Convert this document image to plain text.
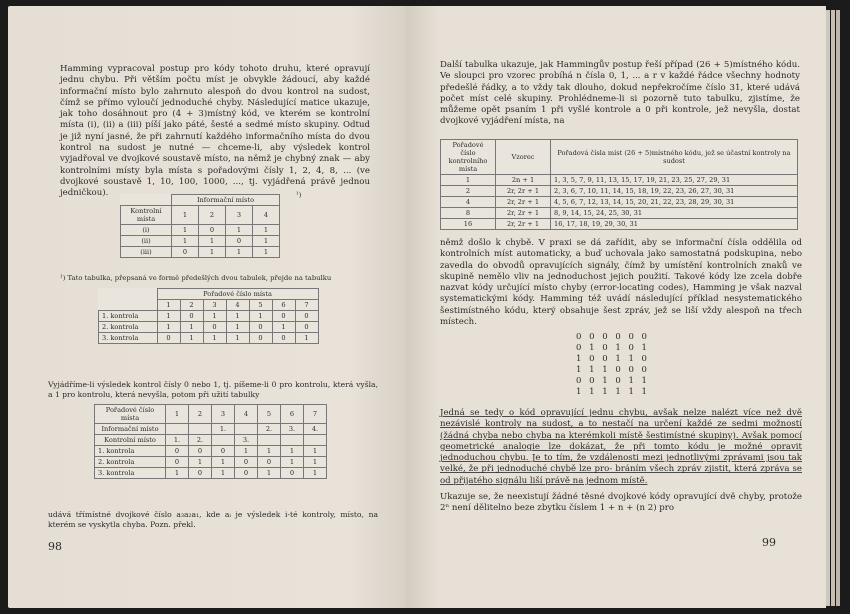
Hamming vypracoval postup pro kódy tohoto druhu, které opravují jednu chybu. Při větším počtu míst je obvykle žádoucí, aby každé informační místo bylo zahrnuto alespoň do dvou kontrol na sudost, čímž se přímo vyloučí jednoduché chyby. Následující matice ukazuje, jak toho dosáhnout pro (4 + 3)místný kód, ve kterém se kontrolní místa (i), (ii) a (iii) píší jako páté, šesté a sedmé místo skupiny. Odtud je již nyní jasné, že při zahrnutí každého informačního místa do dvou kontrol na sudost je nutné — chceme-li, aby výsledek kontrol vyjadřoval ve dvojkové soustavě místo, na němž je chybný znak — aby kontrolními místy byla místa s pořadovými čísly 1, 2, 4, 8, ... (ve dvojkové soustavě 1, 10, 100, 1000, ..., tj. vyjádřená právě jednou jedničkou).

	Informační místo			
Kontrolní místa	1	2	3	4
(i)	1	0	1	1
(ii)	1	1	0	1
(iii)	0	1	1	1
¹)
¹) Tato tabulka, přepsaná ve formě předešlých dvou tabulek, přejde na tabulku
	Pořadové číslo místa						
	1	2	3	4	5	6	7
1. kontrola	1	0	1	1	1	0	0
2. kontrola	1	1	0	1	0	1	0
3. kontrola	0	1	1	1	0	0	1
Vyjádříme-li výsledek kontrol čísly 0 nebo 1, tj. píšeme-li 0 pro kontrolu, která vyšla, a 1 pro kontrolu, která nevyšla, potom při užití tabulky
Pořadové číslo místa	1	2	3	4	5	6	7
Informační místo			1.		2.	3.	4.
Kontrolní místo	1.	2.		3.			
1. kontrola	0	0	0	1	1	1	1
2. kontrola	0	1	1	0	0	1	1
3. kontrola	1	0	1	0	1	0	1
udává třímístné dvojkové číslo a₃a₂a₁, kde aᵢ je výsledek i-té kontroly, místo, na kterém se vyskytla chyba. Pozn. překl.
98
Další tabulka ukazuje, jak Hammingův postup řeší případ (26 + 5)místného kódu. Ve sloupci pro vzorec probíhá n čísla 0, 1, ... a r v každé řádce všechny hodnoty předešlé řádky, a to vždy tak dlouho, dokud nepřekročíme číslo 31, které udává počet míst celé skupiny. Prohlédneme-li si pozorně tuto tabulku, zjistíme, že můžeme opět psaním 1 při vyšlé kontrole a 0 při kontrole, jež nevyšla, dostat dvojkové vyjádření místa, na
Pořadové číslo kontrolního místa	Vzorec	Pořadová čísla míst (26 + 5)místného kódu, jež se účastní kontroly na sudost
1	2n + 1	1, 3, 5, 7, 9, 11, 13, 15, 17, 19, 21, 23, 25, 27, 29, 31
2	2r, 2r + 1	2, 3, 6, 7, 10, 11, 14, 15, 18, 19, 22, 23, 26, 27, 30, 31
4	2r, 2r + 1	4, 5, 6, 7, 12, 13, 14, 15, 20, 21, 22, 23, 28, 29, 30, 31
8	2r, 2r + 1	8, 9, 14, 15, 24, 25, 30, 31
16	2r, 2r + 1	16, 17, 18, 19, 29, 30, 31
němž došlo k chybě. V praxi se dá zařídit, aby se informační čísla oddělila od kontrolních míst automaticky, a buď uchovala jako samostatná podskupina, nebo zavedla do obvodů opravujících signály, čímž by umístění kontrolních znaků ve skupině nemělo vliv na jednoduchost jejich použití. Takové kódy lze zcela dobře nazvat kódy určující místo chyby (error-locating codes), Hamming je však nazval systematickými kódy. Hamming též uvádí následující příklad nesystematického šestimístného kódu, který obsahuje šest zpráv, jež se liší vždy alespoň na třech místech.
0 0 0 0 0 0
0 1 0 1 0 1
1 0 0 1 1 0
1 1 1 0 0 0
0 0 1 0 1 1
1 1 1 1 1 1
Jedná se tedy o kód opravující jednu chybu, avšak nelze nalézt více než dvě nezávislé kontroly na sudost, a to nestačí na určení každé ze sedmi možností (žádná chyba nebo chyba na kterémkoli místě šestimístné skupiny). Avšak pomocí geometrické analogie lze dokázat, že při tomto kódu je možné opravit jednoduchou chybu. Je to tím, že vzdálenosti mezi jednotlivými zprávami jsou tak velké, že při jednoduché chybě lze pro- bráním všech zpráv zjistit, která zpráva se od přijatého signálu liší právě na jednom místě.
Ukazuje se, že neexistují žádné těsné dvojkové kódy opravující dvě chyby, protože 2ⁿ není dělitelno beze zbytku číslem 1 + n + (n 2) pro
99
